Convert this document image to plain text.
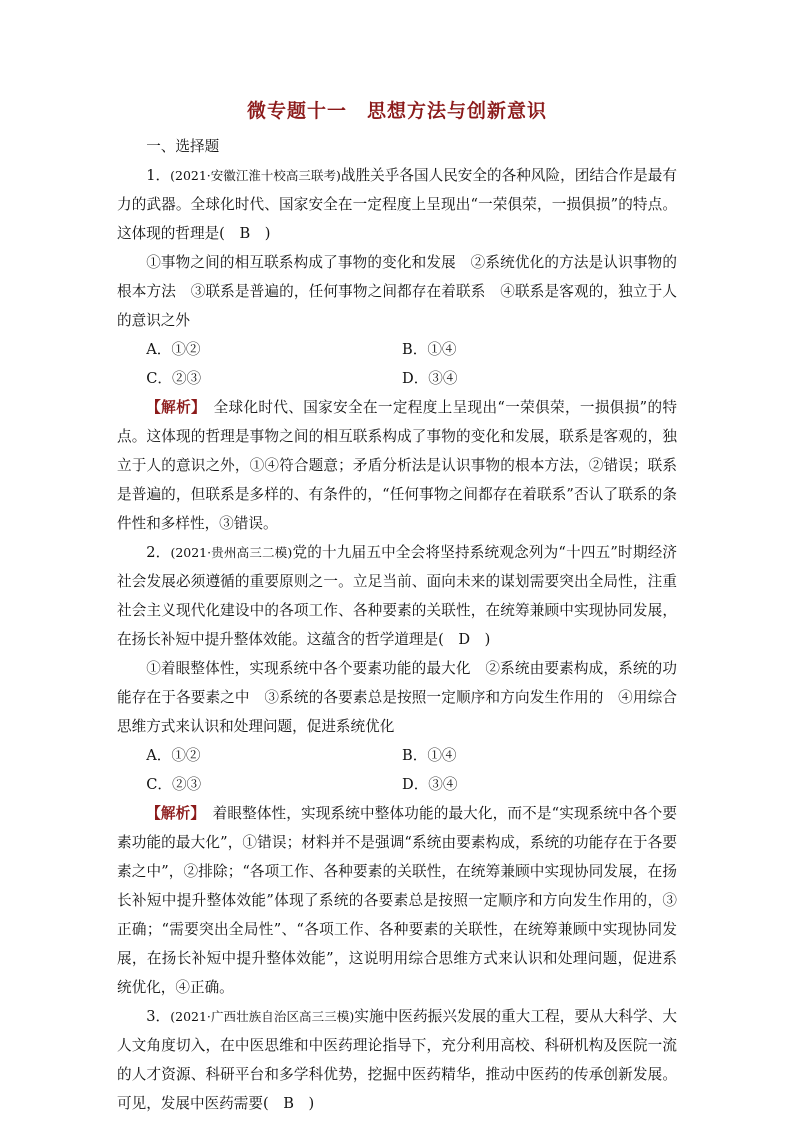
微专题十一　思想方法与创新意识

一、选择题

1．(2021·安徽江淮十校高三联考)战胜关乎各国人民安全的各种风险，团结合作是最有力的武器。全球化时代、国家安全在一定程度上呈现出“一荣俱荣，一损俱损”的特点。这体现的哲理是(　B　)

①事物之间的相互联系构成了事物的变化和发展　②系统优化的方法是认识事物的根本方法　③联系是普遍的，任何事物之间都存在着联系　④联系是客观的，独立于人的意识之外

A．①②	B．①④
C．②③	D．③④

【解析】　全球化时代、国家安全在一定程度上呈现出“一荣俱荣，一损俱损”的特点。这体现的哲理是事物之间的相互联系构成了事物的变化和发展，联系是客观的，独立于人的意识之外，①④符合题意；矛盾分析法是认识事物的根本方法，②错误；联系是普遍的，但联系是多样的、有条件的，“任何事物之间都存在着联系”否认了联系的条件性和多样性，③错误。

2．(2021·贵州高三二模)党的十九届五中全会将坚持系统观念列为“十四五”时期经济社会发展必须遵循的重要原则之一。立足当前、面向未来的谋划需要突出全局性，注重社会主义现代化建设中的各项工作、各种要素的关联性，在统筹兼顾中实现协同发展，在扬长补短中提升整体效能。这蕴含的哲学道理是(　D　)

①着眼整体性，实现系统中各个要素功能的最大化　②系统由要素构成，系统的功能存在于各要素之中　③系统的各要素总是按照一定顺序和方向发生作用的　④用综合思维方式来认识和处理问题，促进系统优化

A．①②	B．①④
C．②③	D．③④

【解析】　着眼整体性，实现系统中整体功能的最大化，而不是“实现系统中各个要素功能的最大化”，①错误；材料并不是强调“系统由要素构成，系统的功能存在于各要素之中”，②排除；“各项工作、各种要素的关联性，在统筹兼顾中实现协同发展，在扬长补短中提升整体效能”体现了系统的各要素总是按照一定顺序和方向发生作用的，③正确；“需要突出全局性”、“各项工作、各种要素的关联性，在统筹兼顾中实现协同发展，在扬长补短中提升整体效能”，这说明用综合思维方式来认识和处理问题，促进系统优化，④正确。

3．(2021·广西壮族自治区高三三模)实施中医药振兴发展的重大工程，要从大科学、大人文角度切入，在中医思维和中医药理论指导下，充分利用高校、科研机构及医院一流的人才资源、科研平台和多学科优势，挖掘中医药精华，推动中医药的传承创新发展。可见，发展中医药需要(　B　)
